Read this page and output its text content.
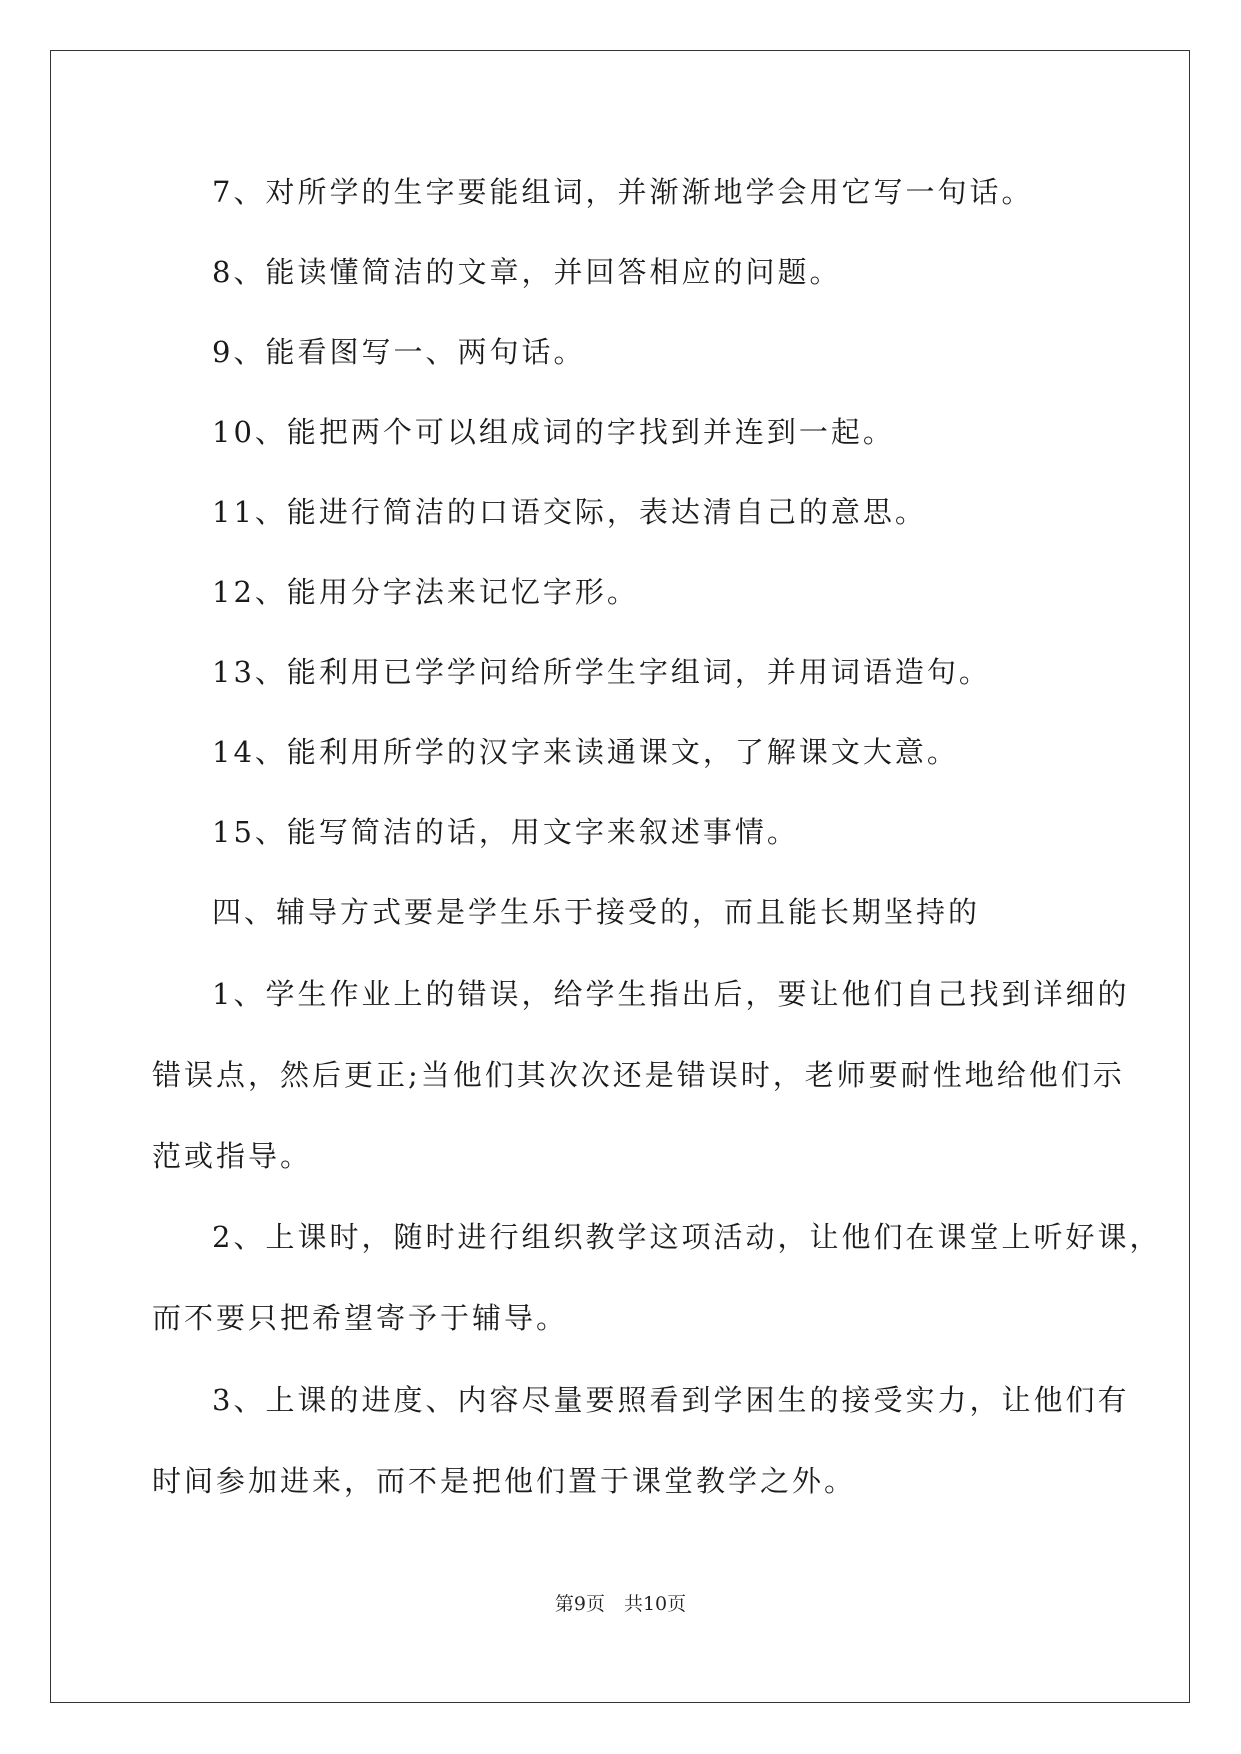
7、对所学的生字要能组词，并渐渐地学会用它写一句话。

8、能读懂简洁的文章，并回答相应的问题。

9、能看图写一、两句话。

10、能把两个可以组成词的字找到并连到一起。

11、能进行简洁的口语交际，表达清自己的意思。

12、能用分字法来记忆字形。

13、能利用已学学问给所学生字组词，并用词语造句。

14、能利用所学的汉字来读通课文，了解课文大意。

15、能写简洁的话，用文字来叙述事情。

四、辅导方式要是学生乐于接受的，而且能长期坚持的

1、学生作业上的错误，给学生指出后，要让他们自己找到详细的

错误点，然后更正;当他们其次次还是错误时，老师要耐性地给他们示

范或指导。

2、上课时，随时进行组织教学这项活动，让他们在课堂上听好课，

而不要只把希望寄予于辅导。

3、上课的进度、内容尽量要照看到学困生的接受实力，让他们有

时间参加进来，而不是把他们置于课堂教学之外。

第9页　共10页
